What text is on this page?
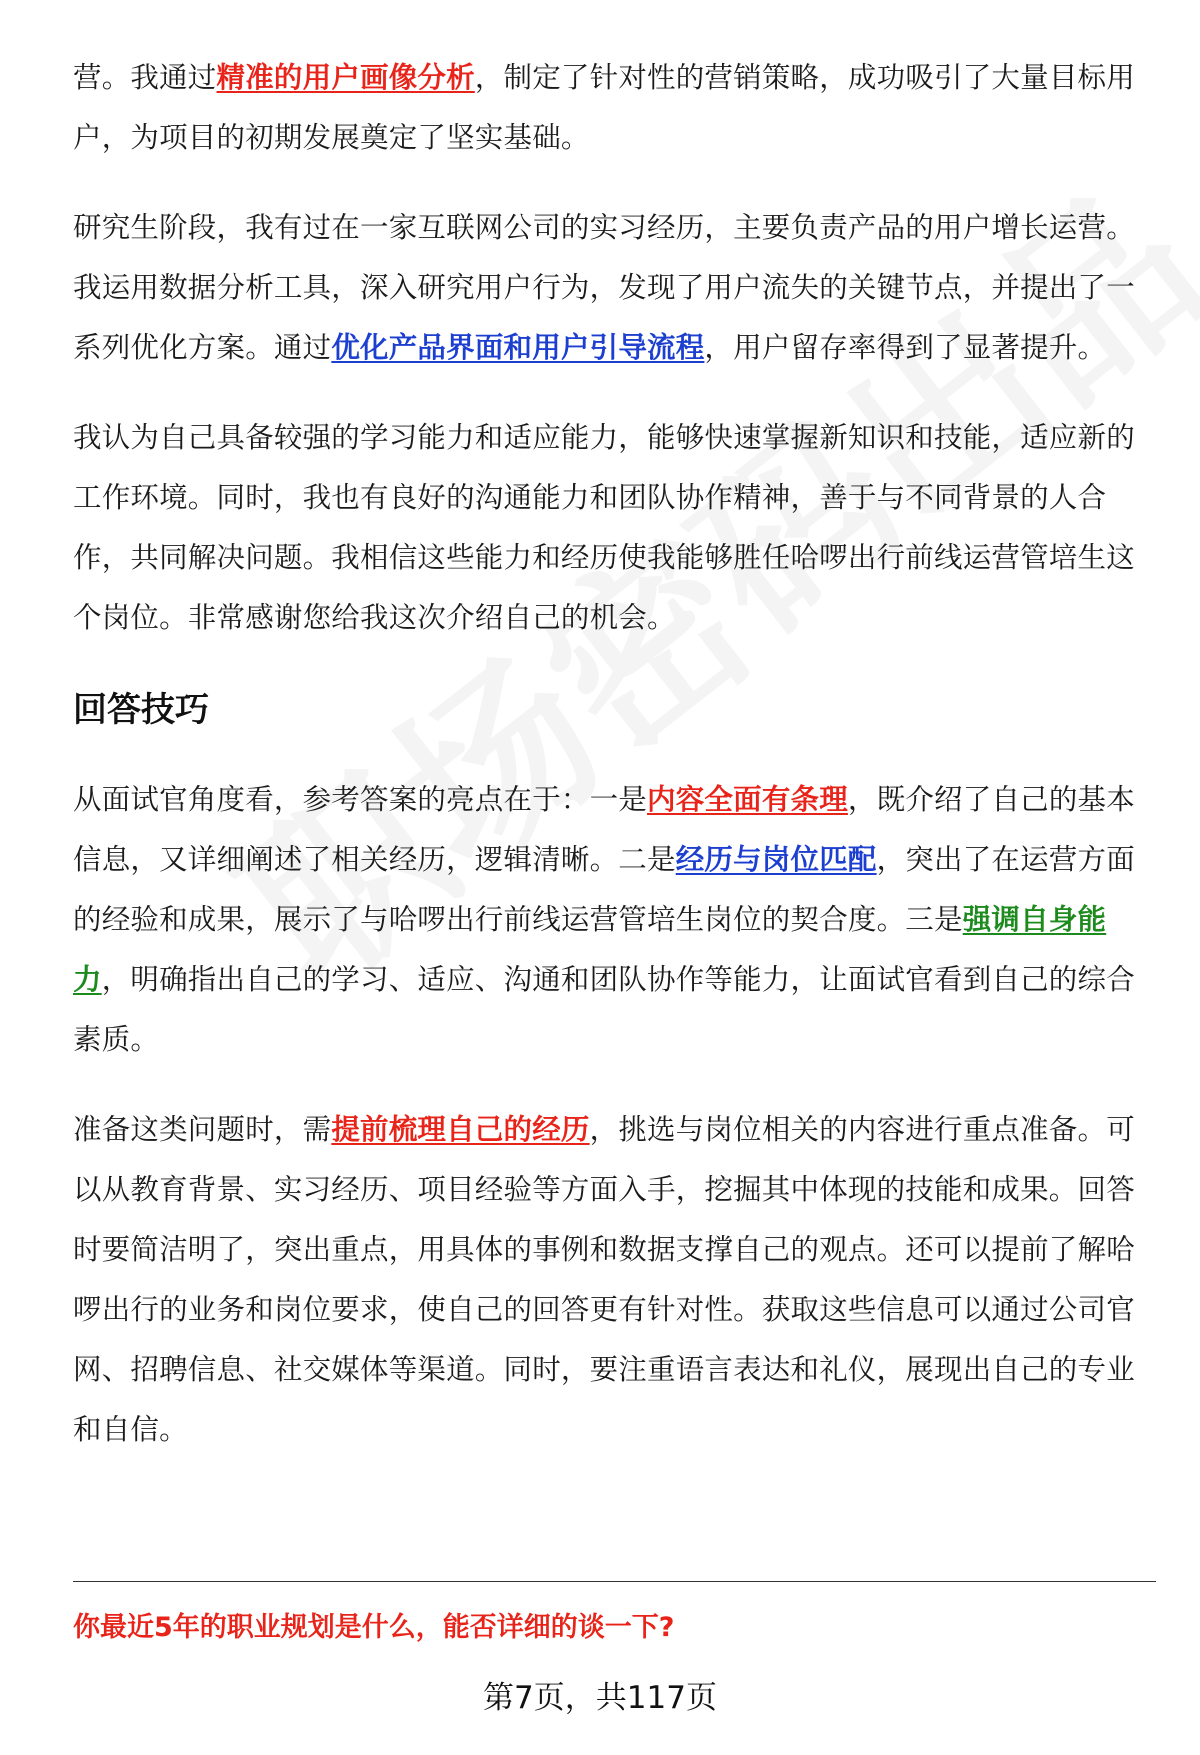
营。我通过精准的用户画像分析，制定了针对性的营销策略，成功吸引了大量目标用户，为项目的初期发展奠定了坚实基础。

研究生阶段，我有过在一家互联网公司的实习经历，主要负责产品的用户增长运营。我运用数据分析工具，深入研究用户行为，发现了用户流失的关键节点，并提出了一系列优化方案。通过优化产品界面和用户引导流程，用户留存率得到了显著提升。

我认为自己具备较强的学习能力和适应能力，能够快速掌握新知识和技能，适应新的工作环境。同时，我也有良好的沟通能力和团队协作精神，善于与不同背景的人合作，共同解决问题。我相信这些能力和经历使我能够胜任哈啰出行前线运营管培生这个岗位。非常感谢您给我这次介绍自己的机会。

回答技巧

从面试官角度看，参考答案的亮点在于：一是内容全面有条理，既介绍了自己的基本信息，又详细阐述了相关经历，逻辑清晰。二是经历与岗位匹配，突出了在运营方面的经验和成果，展示了与哈啰出行前线运营管培生岗位的契合度。三是强调自身能力，明确指出自己的学习、适应、沟通和团队协作等能力，让面试官看到自己的综合素质。

准备这类问题时，需提前梳理自己的经历，挑选与岗位相关的内容进行重点准备。可以从教育背景、实习经历、项目经验等方面入手，挖掘其中体现的技能和成果。回答时要简洁明了，突出重点，用具体的事例和数据支撑自己的观点。还可以提前了解哈啰出行的业务和岗位要求，使自己的回答更有针对性。获取这些信息可以通过公司官网、招聘信息、社交媒体等渠道。同时，要注重语言表达和礼仪，展现出自己的专业和自信。

你最近5年的职业规划是什么，能否详细的谈一下?
第7页，共117页
